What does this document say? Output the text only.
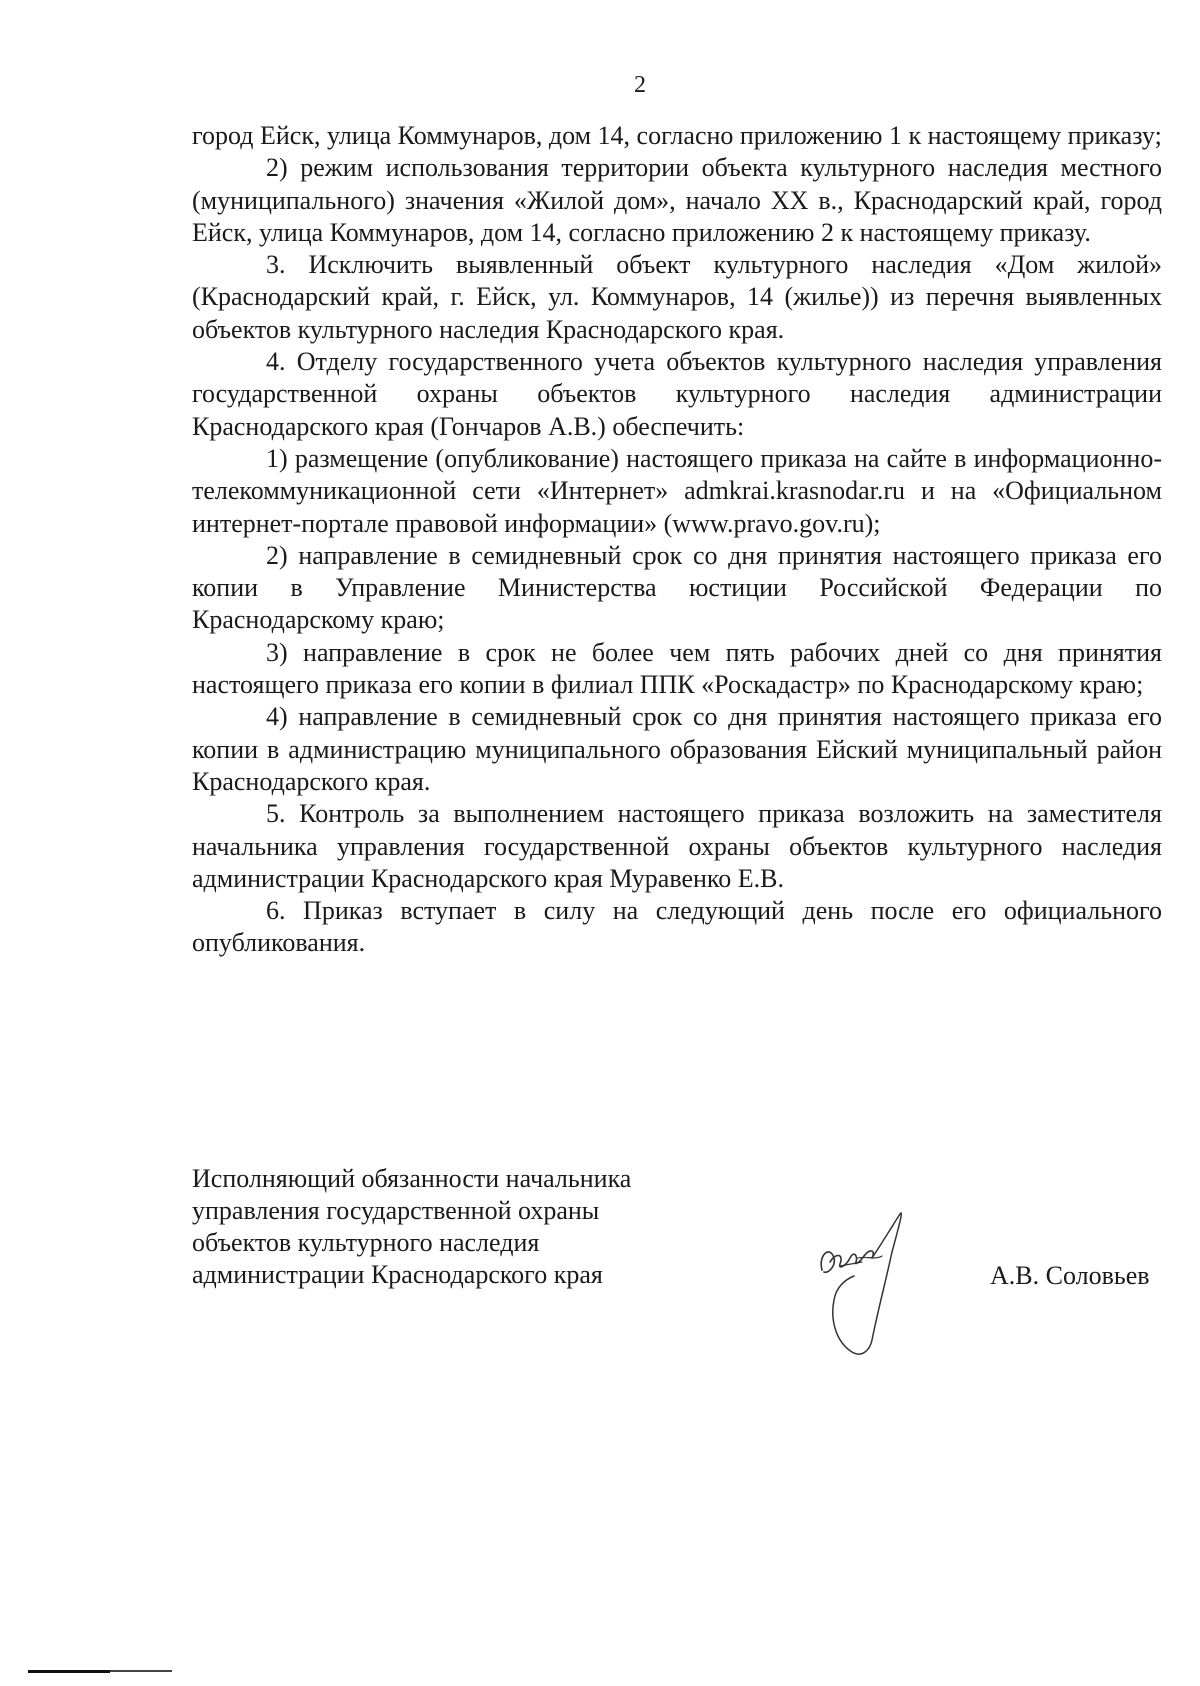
2

город Ейск, улица Коммунаров, дом 14, согласно приложению 1 к настоящему приказу;

2) режим использования территории объекта культурного наследия местного (муниципального) значения «Жилой дом», начало XX в., Краснодарский край, город Ейск, улица Коммунаров, дом 14, согласно приложению 2 к настоящему приказу.

3. Исключить выявленный объект культурного наследия «Дом жилой» (Краснодарский край, г. Ейск, ул. Коммунаров, 14 (жилье)) из перечня выявленных объектов культурного наследия Краснодарского края.

4. Отделу государственного учета объектов культурного наследия управления государственной охраны объектов культурного наследия администрации Краснодарского края (Гончаров А.В.) обеспечить:

1) размещение (опубликование) настоящего приказа на сайте в информационно-телекоммуникационной сети «Интернет» admkrai.krasnodar.ru и на «Официальном интернет-портале правовой информации» (www.pravo.gov.ru);

2) направление в семидневный срок со дня принятия настоящего приказа его копии в Управление Министерства юстиции Российской Федерации по Краснодарскому краю;

3) направление в срок не более чем пять рабочих дней со дня принятия настоящего приказа его копии в филиал ППК «Роскадастр» по Краснодарскому краю;

4) направление в семидневный срок со дня принятия настоящего приказа его копии в администрацию муниципального образования Ейский муниципальный район Краснодарского края.

5. Контроль за выполнением настоящего приказа возложить на заместителя начальника управления государственной охраны объектов культурного наследия администрации Краснодарского края Муравенко Е.В.

6. Приказ вступает в силу на следующий день после его официального опубликования.

Исполняющий обязанности начальника
управления государственной охраны
объектов культурного наследия
администрации Краснодарского края	А.В. Соловьев
